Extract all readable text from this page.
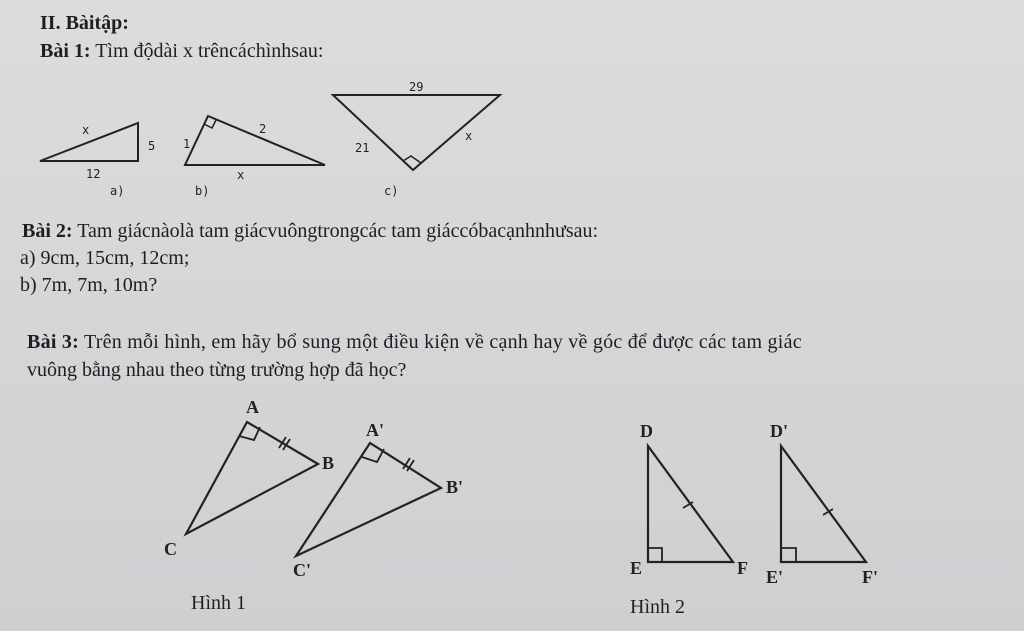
II. Bàitập:
Bài 1: Tìm độdài x trêncáchìnhsau:
x
5
12
a)
1
2
x
b)
29
21
x
c)
A
B
C
A'
B'
C'
Hình 1
D
E	F
D'
E'	F'
Hình 2
Bài 2: Tam giácnàolà tam giácvuôngtrongcác tam giáccóbacạnhnhưsau:
a) 9cm, 15cm, 12cm;
b) 7m, 7m, 10m?
Bài 3: Trên mỗi hình, em hãy bổ sung một điều kiện về cạnh hay về góc để được các tam giác
vuông bằng nhau theo từng trường hợp đã học?
